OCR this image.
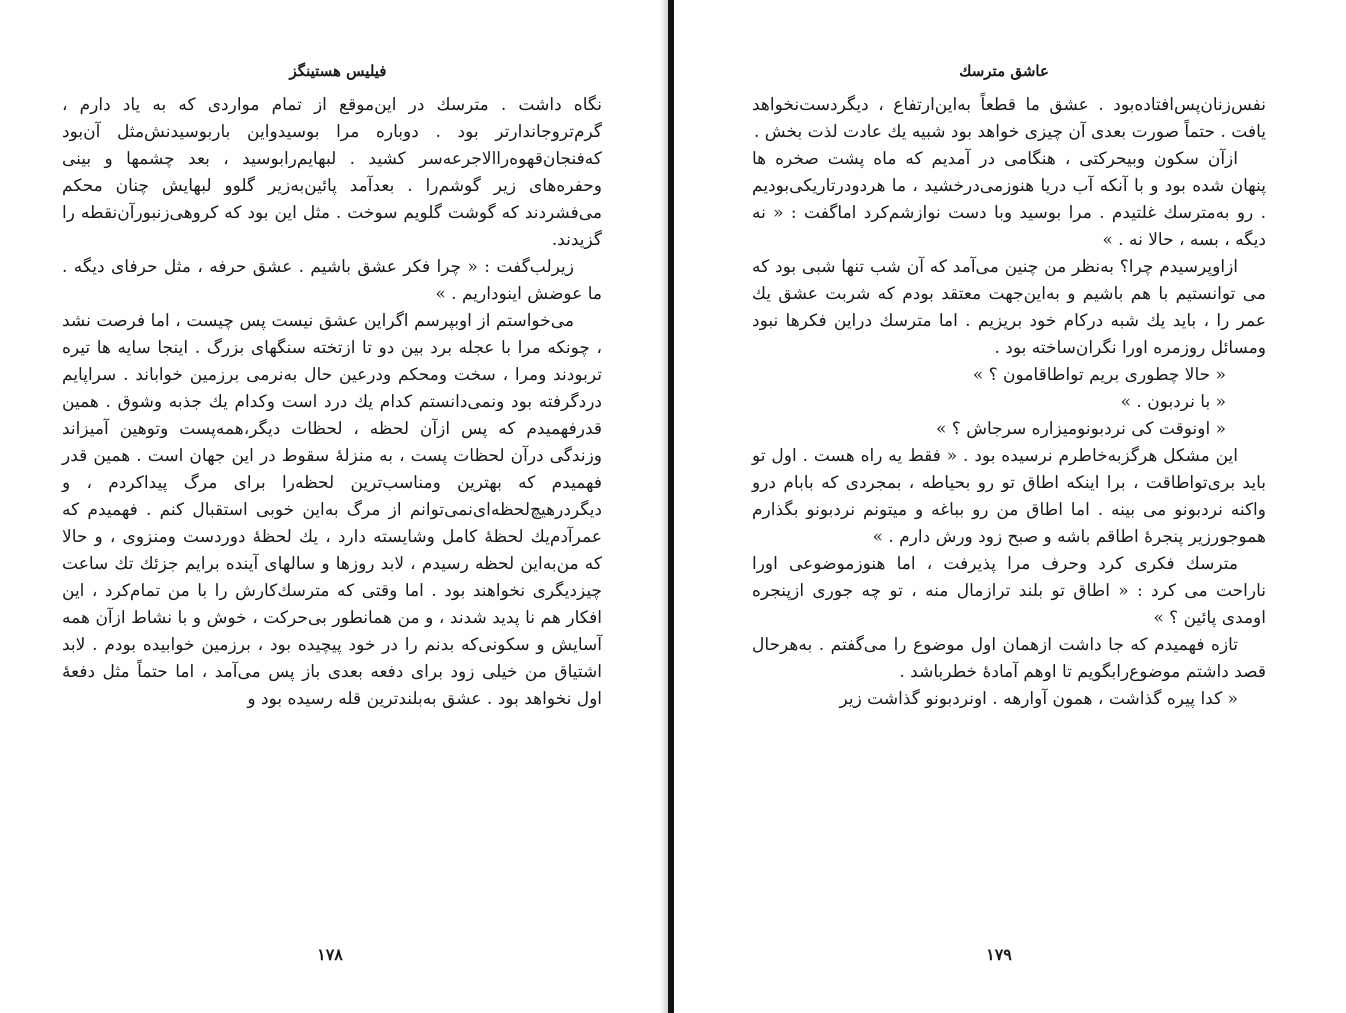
فیلیس هستینگز

نگاه داشت . مترسك در این‌موقع از تمام مواردی که به یاد دارم ، گرم‌تروجاندارتر بود . دوباره مرا بوسیدواین باربوسیدنش‌مثل آن‌بود که‌فنجان‌قهوه‌راالاجرعه‌سر کشید . لبهایم‌رابوسید ، بعد چشمها و بینی وحفره‌های زیر گوشم‌را . بعدآمد پائین‌به‌زیر گلوو لبهایش چنان محکم می‌فشردند که گوشت گلویم سوخت . مثل این بود که کروهی‌زنبورآن‌نقطه را گزیدند.

زیرلب‌گفت : « چرا فکر عشق باشیم . عشق حرفه ، مثل حرفای دیگه . ما عوضش اینوداریم . »

می‌خواستم از اوبپرسم اگراین عشق نیست پس چیست ، اما فرصت نشد ، چونکه مرا با عجله برد بین دو تا ازتخته سنگهای بزرگ . اینجا سایه ها تیره تربودند ومرا ، سخت ومحکم ودرعین حال به‌نرمی برزمین خواباند . سراپایم دردگرفته بود ونمی‌دانستم کدام یك درد است وکدام یك جذبه وشوق . همین قدرفهمیدم که پس ازآن لحظه ، لحظات دیگر،همه‌پست وتوهین آمیزاند وزندگی درآن لحظات پست ، به منزلهٔ سقوط در این جهان است . همین قدر فهمیدم که بهترین ومناسب‌ترین لحظه‌را برای مرگ پیداکردم ، و دیگردرهیچ‌لحظه‌ای‌نمی‌توانم از مرگ به‌این خوبی استقبال کنم . فهمیدم که عمرآدم‌یك لحظهٔ کامل وشایسته دارد ، یك لحظهٔ دوردست ومنزوی ، و حالا که من‌به‌این لحظه رسیدم ، لابد روزها و سالهای آینده برایم جزئك تك ساعت چیزدیگری نخواهند بود . اما وقتی که مترسك‌کارش را با من تمام‌کرد ، این افکار هم نا پدید شدند ، و من همانطور بی‌حرکت ، خوش و با نشاط ازآن همه آسایش و سکونی‌که بدنم را در خود پیچیده بود ، برزمین خوابیده بودم . لابد اشتیاق من خیلی زود برای دفعه بعدی باز پس می‌آمد ، اما حتماً مثل دفعهٔ اول نخواهد بود . عشق به‌بلندترین قله رسیده بود و

۱۷۸
عاشق مترسك

نفس‌زنان‌پس‌افتاده‌بود . عشق ما قطعاً به‌این‌ارتفاع ، دیگردست‌نخواهد یافت . حتماً صورت بعدی آن چیزی خواهد بود شبیه یك عادت لذت بخش .

ازآن سکون وبیحرکتی ، هنگامی در آمدیم که ماه پشت صخره ها پنهان شده بود و با آنکه آب دریا هنوزمی‌درخشید ، ما هردودرتاریکی‌بودیم . رو به‌مترسك غلتیدم . مرا بوسید وبا دست نوازشم‌کرد اماگفت : « نه دیگه ، بسه ، حالا نه . »

ازاوپرسیدم چرا؟ به‌نظر من چنین می‌آمد که آن شب تنها شبی بود که می توانستیم با هم باشیم و به‌این‌جهت معتقد بودم که شربت عشق یك عمر را ، باید یك شبه درکام خود بریزیم . اما مترسك دراین فکرها نبود ومسائل روزمره اورا نگران‌ساخته بود .

« حالا چطوری بریم تواطاقامون ؟ »

« با نردبون . »

« اونوقت کی نردبونومیزاره سرجاش ؟ »

این مشکل هرگزبه‌خاطرم نرسیده بود . « فقط یه راه هست . اول تو باید بری‌تواطاقت ، برا اینکه اطاق تو رو بحیاطه ، بمجردی که بابام درو واکنه نردبونو می بینه . اما اطاق من رو بباغه و میتونم نردبونو بگذارم هموجورزیر پنجرهٔ اطاقم باشه و صبح زود ورش دارم . »

مترسك فکری کرد وحرف مرا پذیرفت ، اما هنوزموضوعی اورا ناراحت می کرد : « اطاق تو بلند ترازمال منه ، تو چه جوری ازپنجره اومدی پائین ؟ »

تازه فهمیدم که جا داشت ازهمان اول موضوع را می‌گفتم . به‌هرحال قصد داشتم موضوع‌رابگویم تا اوهم آمادهٔ خطرباشد .

« کدا پیره گذاشت ، همون آوارهه . اونردبونو گذاشت زیر

۱۷۹
